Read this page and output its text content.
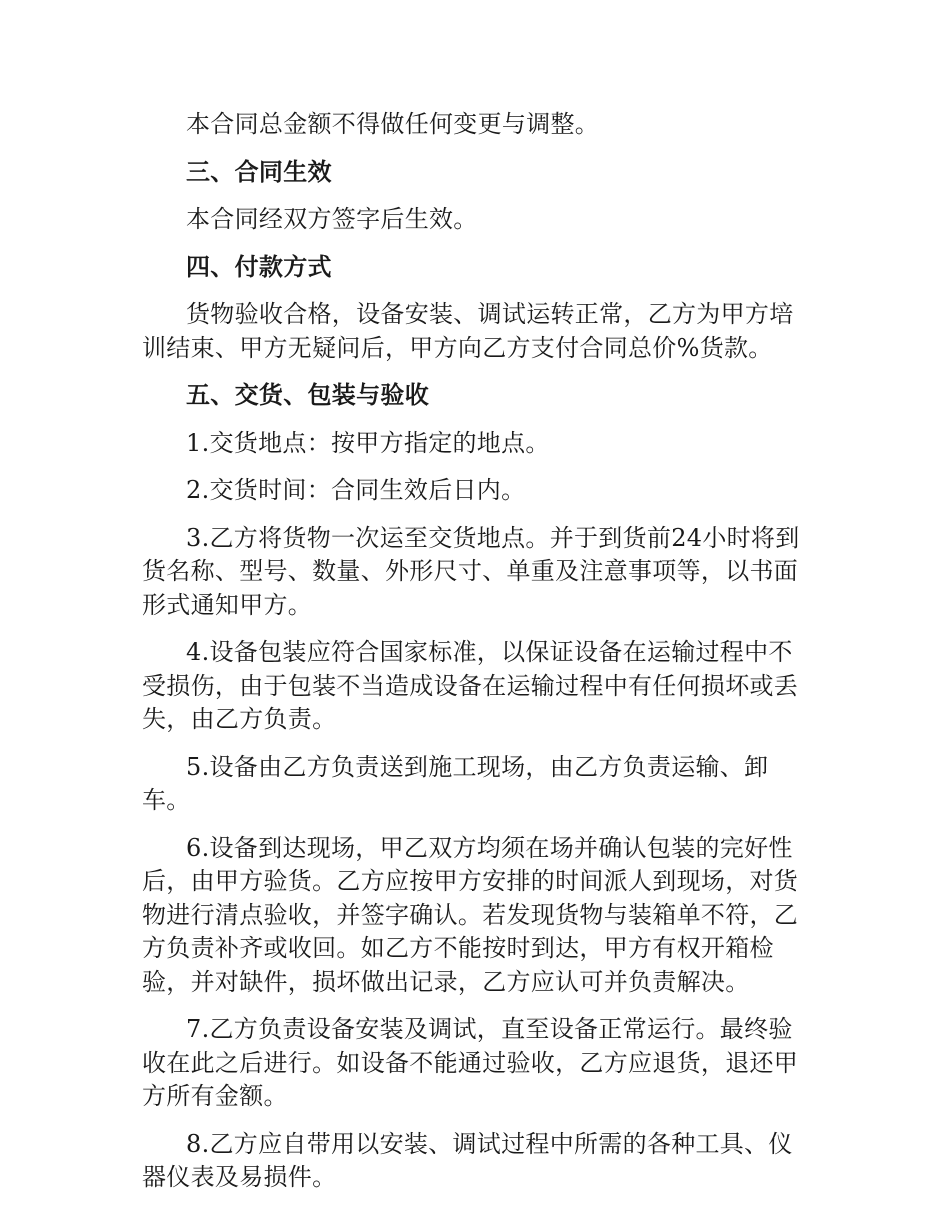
本合同总金额不得做任何变更与调整。

三、合同生效

本合同经双方签字后生效。

四、付款方式

货物验收合格，设备安装、调试运转正常，乙方为甲方培训结束、甲方无疑问后，甲方向乙方支付合同总价%货款。

五、交货、包装与验收

1.交货地点：按甲方指定的地点。

2.交货时间：合同生效后日内。

3.乙方将货物一次运至交货地点。并于到货前24小时将到货名称、型号、数量、外形尺寸、单重及注意事项等，以书面形式通知甲方。

4.设备包装应符合国家标准，以保证设备在运输过程中不受损伤，由于包装不当造成设备在运输过程中有任何损坏或丢失，由乙方负责。

5.设备由乙方负责送到施工现场，由乙方负责运输、卸车。

6.设备到达现场，甲乙双方均须在场并确认包装的完好性后，由甲方验货。乙方应按甲方安排的时间派人到现场，对货物进行清点验收，并签字确认。若发现货物与装箱单不符，乙方负责补齐或收回。如乙方不能按时到达，甲方有权开箱检验，并对缺件，损坏做出记录，乙方应认可并负责解决。

7.乙方负责设备安装及调试，直至设备正常运行。最终验收在此之后进行。如设备不能通过验收，乙方应退货，退还甲方所有金额。

8.乙方应自带用以安装、调试过程中所需的各种工具、仪器仪表及易损件。
